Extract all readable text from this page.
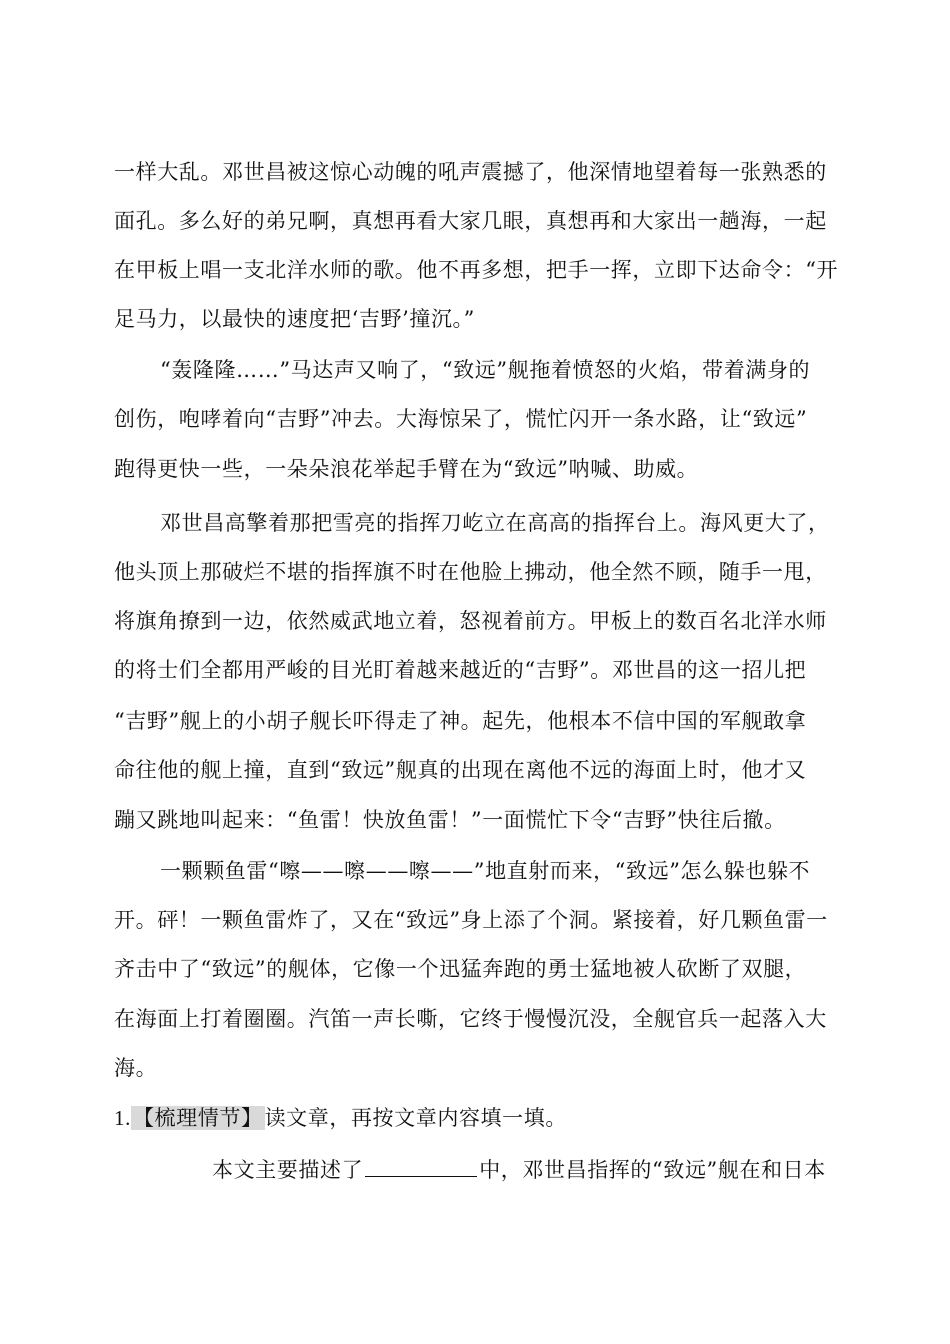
一样大乱。邓世昌被这惊心动魄的吼声震撼了，他深情地望着每一张熟悉的
面孔。多么好的弟兄啊，真想再看大家几眼，真想再和大家出一趟海，一起
在甲板上唱一支北洋水师的歌。他不再多想，把手一挥，立即下达命令：“开
足马力，以最快的速度把‘吉野’撞沉。”
“轰隆隆……”马达声又响了，“致远”舰拖着愤怒的火焰，带着满身的
创伤，咆哮着向“吉野”冲去。大海惊呆了，慌忙闪开一条水路，让“致远”
跑得更快一些，一朵朵浪花举起手臂在为“致远”呐喊、助威。
邓世昌高擎着那把雪亮的指挥刀屹立在高高的指挥台上。海风更大了，
他头顶上那破烂不堪的指挥旗不时在他脸上拂动，他全然不顾，随手一甩，
将旗角撩到一边，依然威武地立着，怒视着前方。甲板上的数百名北洋水师
的将士们全都用严峻的目光盯着越来越近的“吉野”。邓世昌的这一招儿把
“吉野”舰上的小胡子舰长吓得走了神。起先，他根本不信中国的军舰敢拿
命往他的舰上撞，直到“致远”舰真的出现在离他不远的海面上时，他才又
蹦又跳地叫起来：“鱼雷！快放鱼雷！”一面慌忙下令“吉野”快往后撤。
一颗颗鱼雷“嚓——嚓——嚓——”地直射而来，“致远”怎么躲也躲不
开。砰！一颗鱼雷炸了，又在“致远”身上添了个洞。紧接着，好几颗鱼雷一
齐击中了“致远”的舰体，它像一个迅猛奔跑的勇士猛地被人砍断了双腿，
在海面上打着圈圈。汽笛一声长嘶，它终于慢慢沉没，全舰官兵一起落入大
海。
1.【梳理情节】读文章，再按文章内容填一填。
本文主要描述了	中，邓世昌指挥的“致远”舰在和日本
